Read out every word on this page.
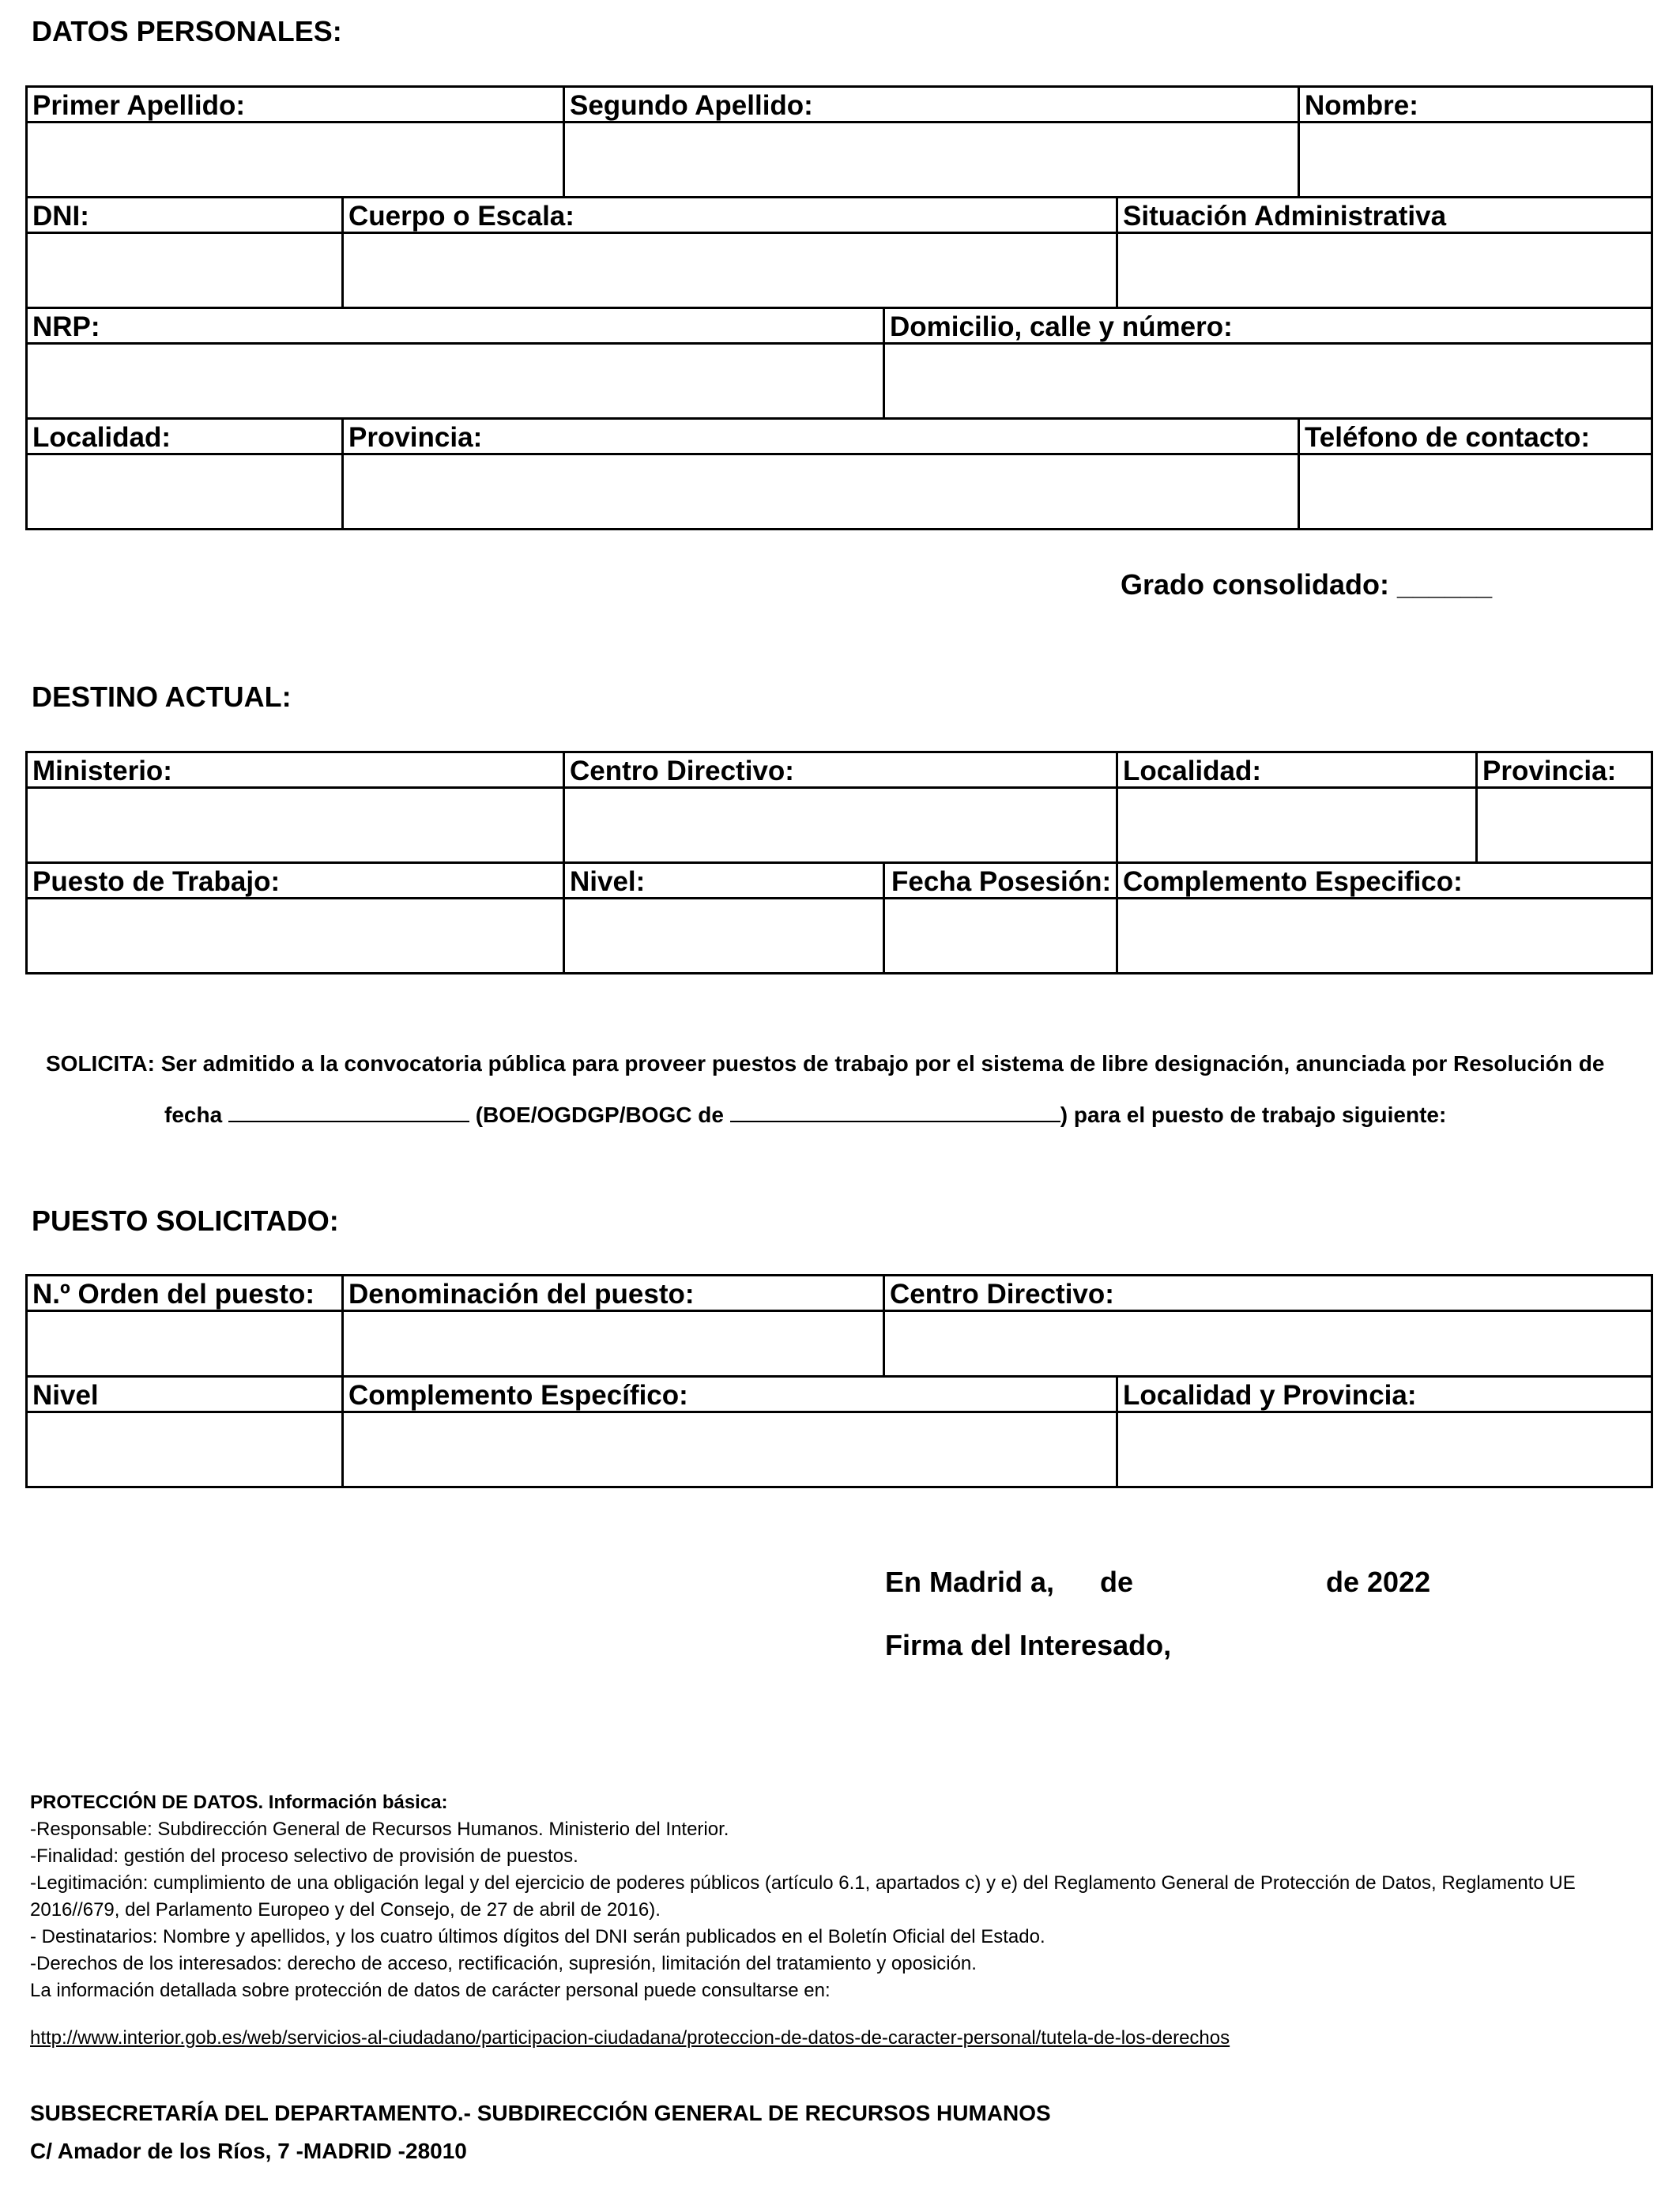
DATOS PERSONALES:
Primer Apellido:	Segundo Apellido:	Nombre:
DNI:	Cuerpo o Escala:	Situación Administrativa
NRP:	Domicilio, calle y número:
Localidad:	Provincia:	Teléfono de contacto:
Grado consolidado: ______
DESTINO ACTUAL:
Ministerio:	Centro Directivo:	Localidad:	Provincia:
Puesto de Trabajo:	Nivel:	Fecha Posesión: Complemento Especifico:
SOLICITA: Ser admitido a la convocatoria pública para proveer puestos de trabajo por el sistema de libre designación, anunciada por Resolución de
fecha	(BOE/OGDGP/BOGC de	) para el puesto de trabajo siguiente:
PUESTO SOLICITADO:
N.º Orden del puesto:	Denominación del puesto:	Centro Directivo:
Nivel	Complemento Específico:	Localidad y Provincia:
En Madrid a, de	de 2022
Firma del Interesado,
PROTECCIÓN DE DATOS. Información básica:
-Responsable: Subdirección General de Recursos Humanos. Ministerio del Interior.
-Finalidad: gestión del proceso selectivo de provisión de puestos.
-Legitimación: cumplimiento de una obligación legal y del ejercicio de poderes públicos (artículo 6.1, apartados c) y e) del Reglamento General de Protección de Datos, Reglamento UE
2016//679, del Parlamento Europeo y del Consejo, de 27 de abril de 2016).
- Destinatarios: Nombre y apellidos, y los cuatro últimos dígitos del DNI serán publicados en el Boletín Oficial del Estado.
-Derechos de los interesados: derecho de acceso, rectificación, supresión, limitación del tratamiento y oposición.
La información detallada sobre protección de datos de carácter personal puede consultarse en:
http://www.interior.gob.es/web/servicios-al-ciudadano/participacion-ciudadana/proteccion-de-datos-de-caracter-personal/tutela-de-los-derechos
SUBSECRETARÍA DEL DEPARTAMENTO.- SUBDIRECCIÓN GENERAL DE RECURSOS HUMANOS
C/ Amador de los Ríos, 7 -MADRID -28010
